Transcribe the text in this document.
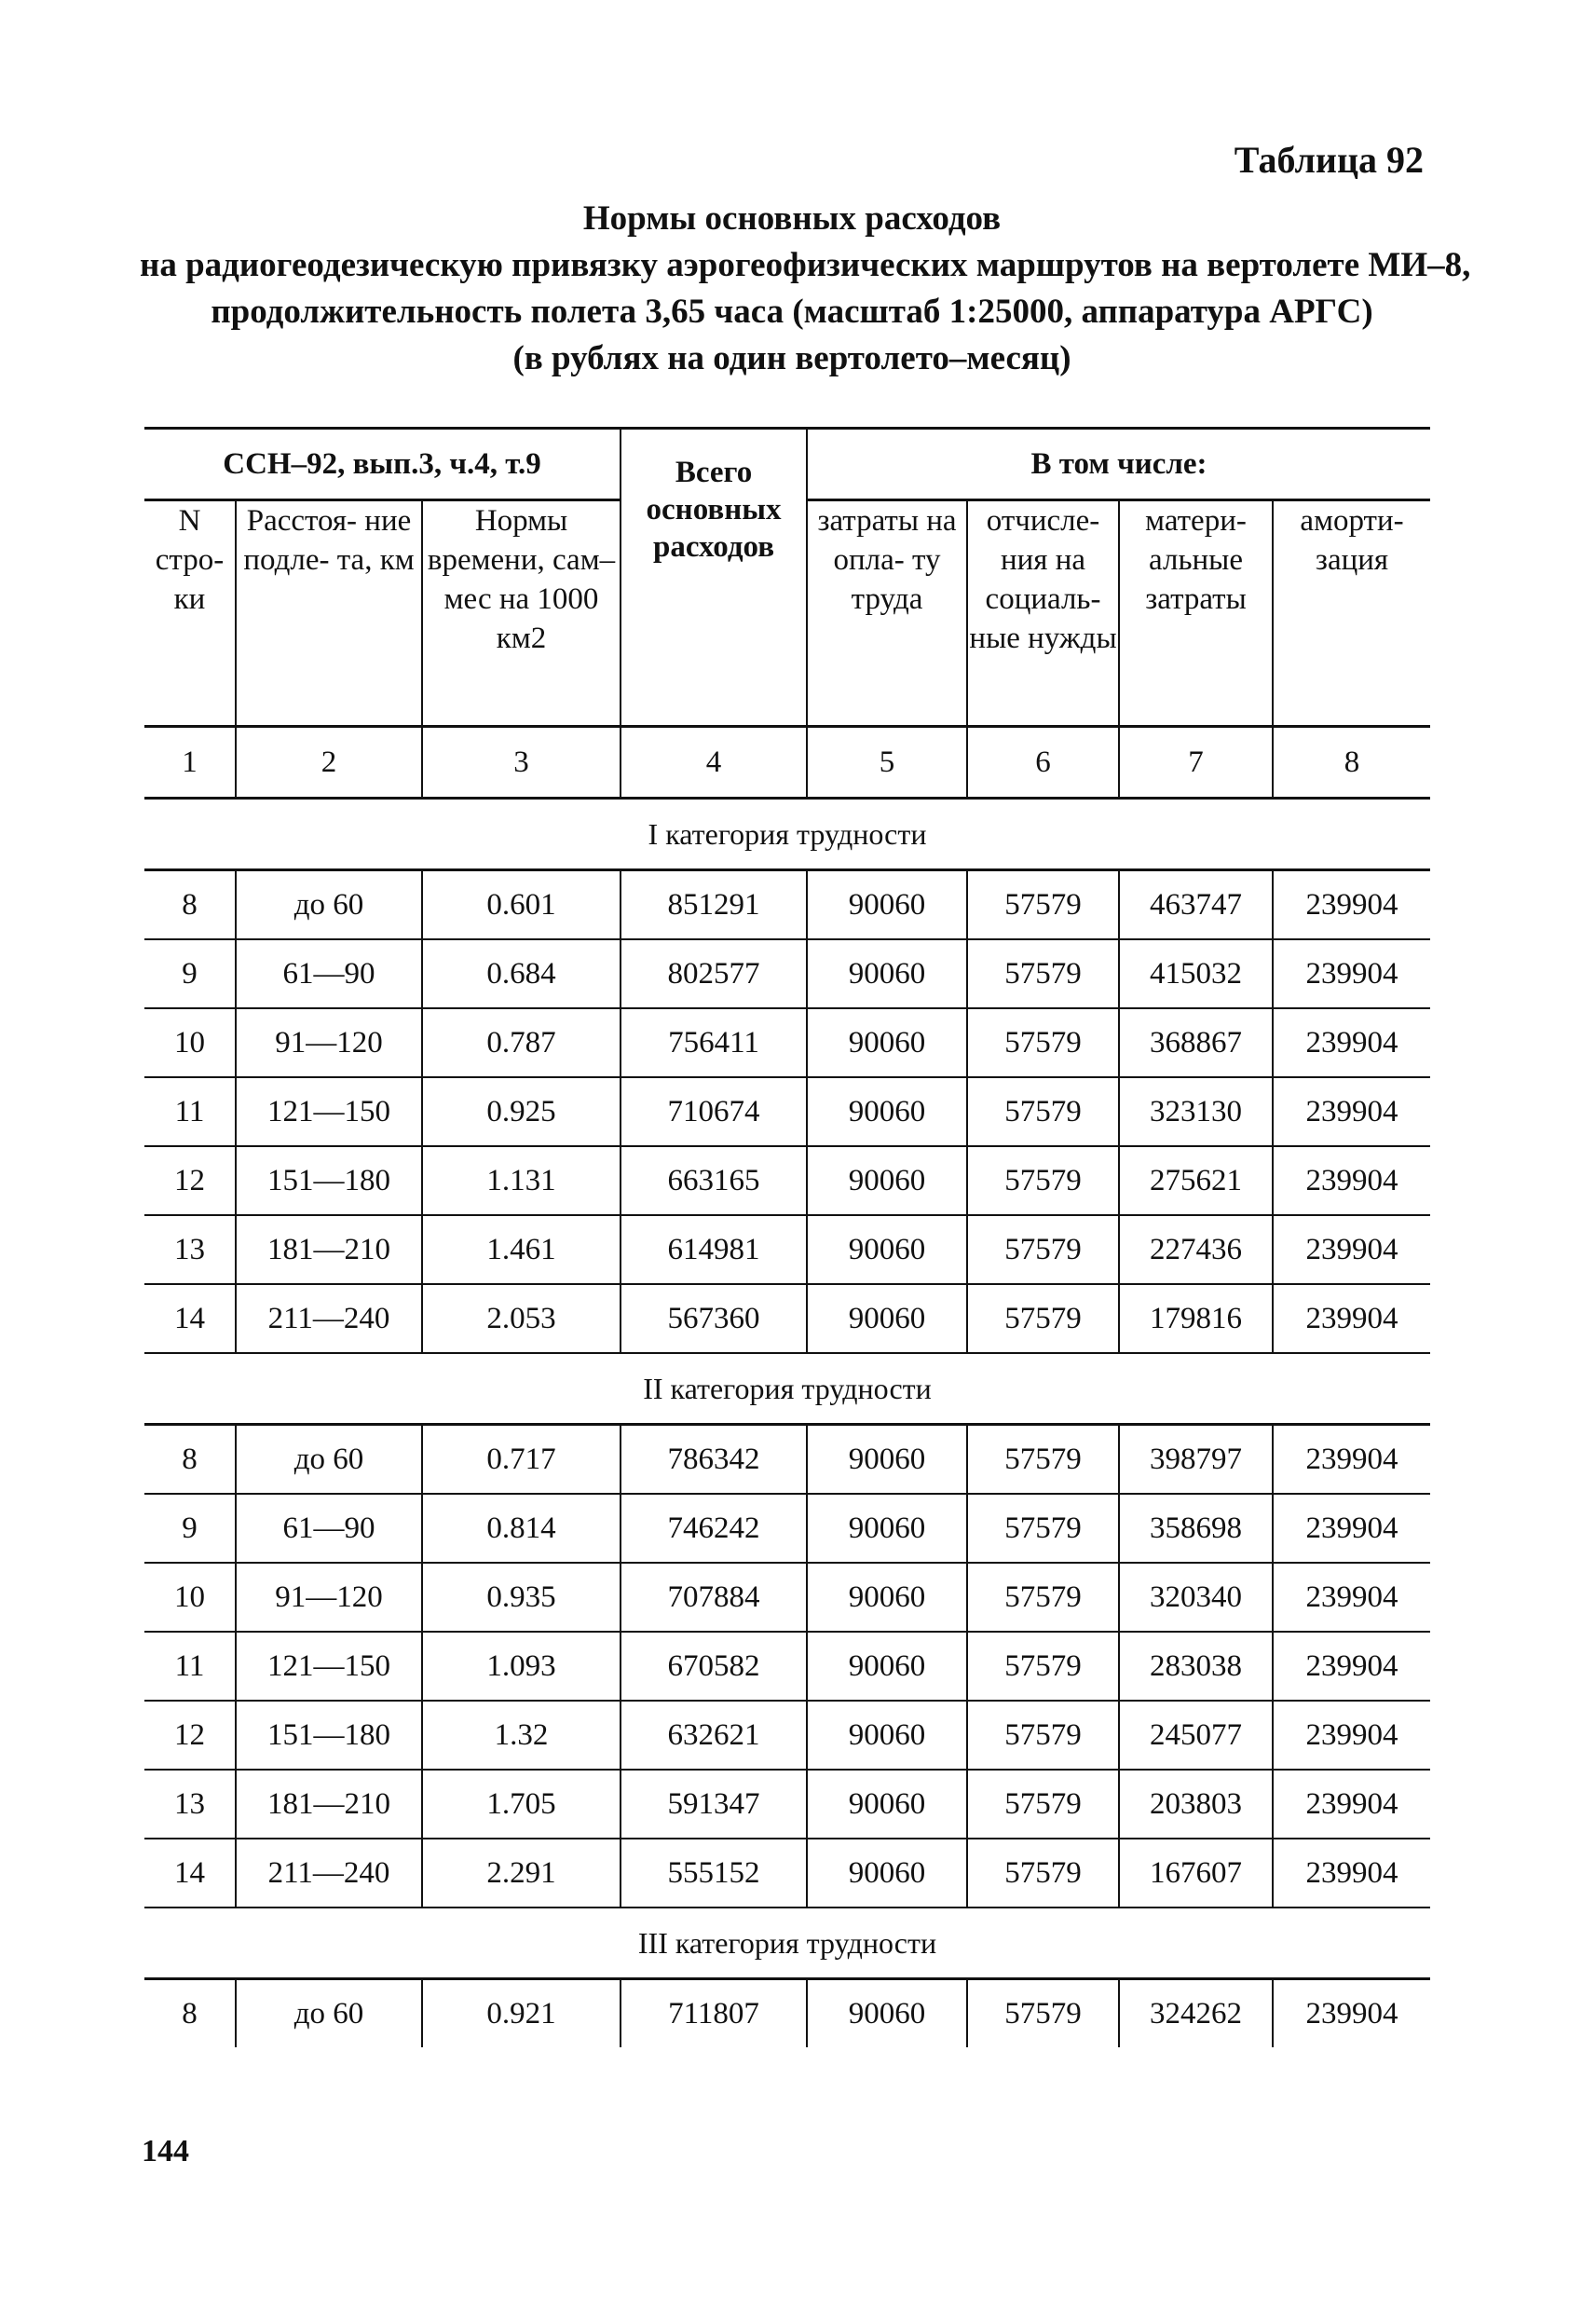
Таблица 92
Нормы основных расходов
на радиогеодезическую привязку аэрогеофизических маршрутов на вертолете МИ–8,
продолжительность полета 3,65 часа (масштаб 1:25000, аппаратура АРГС)
(в рублях на один вертолето–месяц)
ССН–92, вып.3, ч.4, т.9			Всего основных расходов	В том числе:			
N стро- ки	Расстоя- ние подле- та, км	Нормы времени, сам–мес на 1000 км2		затраты на опла- ту труда	отчисле- ния на социаль- ные нужды	матери- альные затраты	аморти- зация
1	2	3	4	5	6	7	8
I категория трудности							
8	до 60	0.601	851291	90060	57579	463747	239904
9	61—90	0.684	802577	90060	57579	415032	239904
10	91—120	0.787	756411	90060	57579	368867	239904
11	121—150	0.925	710674	90060	57579	323130	239904
12	151—180	1.131	663165	90060	57579	275621	239904
13	181—210	1.461	614981	90060	57579	227436	239904
14	211—240	2.053	567360	90060	57579	179816	239904
II категория трудности							
8	до 60	0.717	786342	90060	57579	398797	239904
9	61—90	0.814	746242	90060	57579	358698	239904
10	91—120	0.935	707884	90060	57579	320340	239904
11	121—150	1.093	670582	90060	57579	283038	239904
12	151—180	1.32	632621	90060	57579	245077	239904
13	181—210	1.705	591347	90060	57579	203803	239904
14	211—240	2.291	555152	90060	57579	167607	239904
III категория трудности							
8	до 60	0.921	711807	90060	57579	324262	239904
144
